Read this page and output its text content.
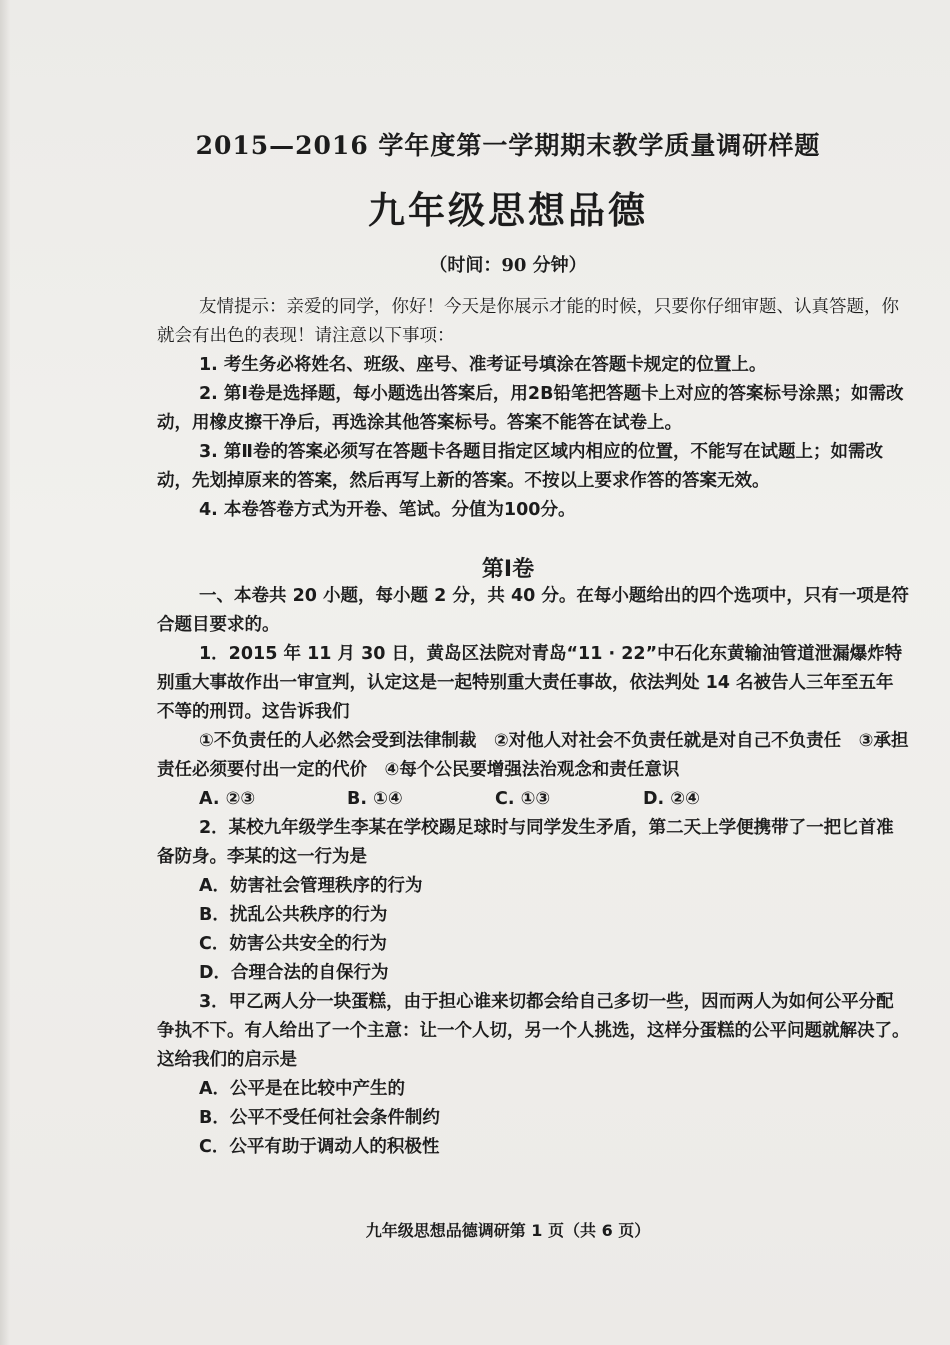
2015—2016 学年度第一学期期末教学质量调研样题
九年级思想品德
（时间：90 分钟）

友情提示：亲爱的同学，你好！今天是你展示才能的时候，只要你仔细审题、认真答题，你就会有出色的表现！请注意以下事项：

1. 考生务必将姓名、班级、座号、准考证号填涂在答题卡规定的位置上。

2. 第Ⅰ卷是选择题，每小题选出答案后，用2B铅笔把答题卡上对应的答案标号涂黑；如需改动，用橡皮擦干净后，再选涂其他答案标号。答案不能答在试卷上。

3. 第Ⅱ卷的答案必须写在答题卡各题目指定区域内相应的位置，不能写在试题上；如需改动，先划掉原来的答案，然后再写上新的答案。不按以上要求作答的答案无效。

4. 本卷答卷方式为开卷、笔试。分值为100分。

第Ⅰ卷

一、本卷共 20 小题，每小题 2 分，共 40 分。在每小题给出的四个选项中，只有一项是符合题目要求的。

1．2015 年 11 月 30 日，黄岛区法院对青岛“11 · 22”中石化东黄输油管道泄漏爆炸特别重大事故作出一审宣判，认定这是一起特别重大责任事故，依法判处 14 名被告人三年至五年不等的刑罚。这告诉我们

①不负责任的人必然会受到法律制裁　②对他人对社会不负责任就是对自己不负责任　③承担责任必须要付出一定的代价　④每个公民要增强法治观念和责任意识

A. ②③	B. ①④	C. ①③	D. ②④

2．某校九年级学生李某在学校踢足球时与同学发生矛盾，第二天上学便携带了一把匕首准备防身。李某的这一行为是

A．妨害社会管理秩序的行为

B．扰乱公共秩序的行为

C．妨害公共安全的行为

D．合理合法的自保行为

3．甲乙两人分一块蛋糕，由于担心谁来切都会给自己多切一些，因而两人为如何公平分配争执不下。有人给出了一个主意：让一个人切，另一个人挑选，这样分蛋糕的公平问题就解决了。这给我们的启示是

A．公平是在比较中产生的

B．公平不受任何社会条件制约

C．公平有助于调动人的积极性

九年级思想品德调研第 1 页（共 6 页）
